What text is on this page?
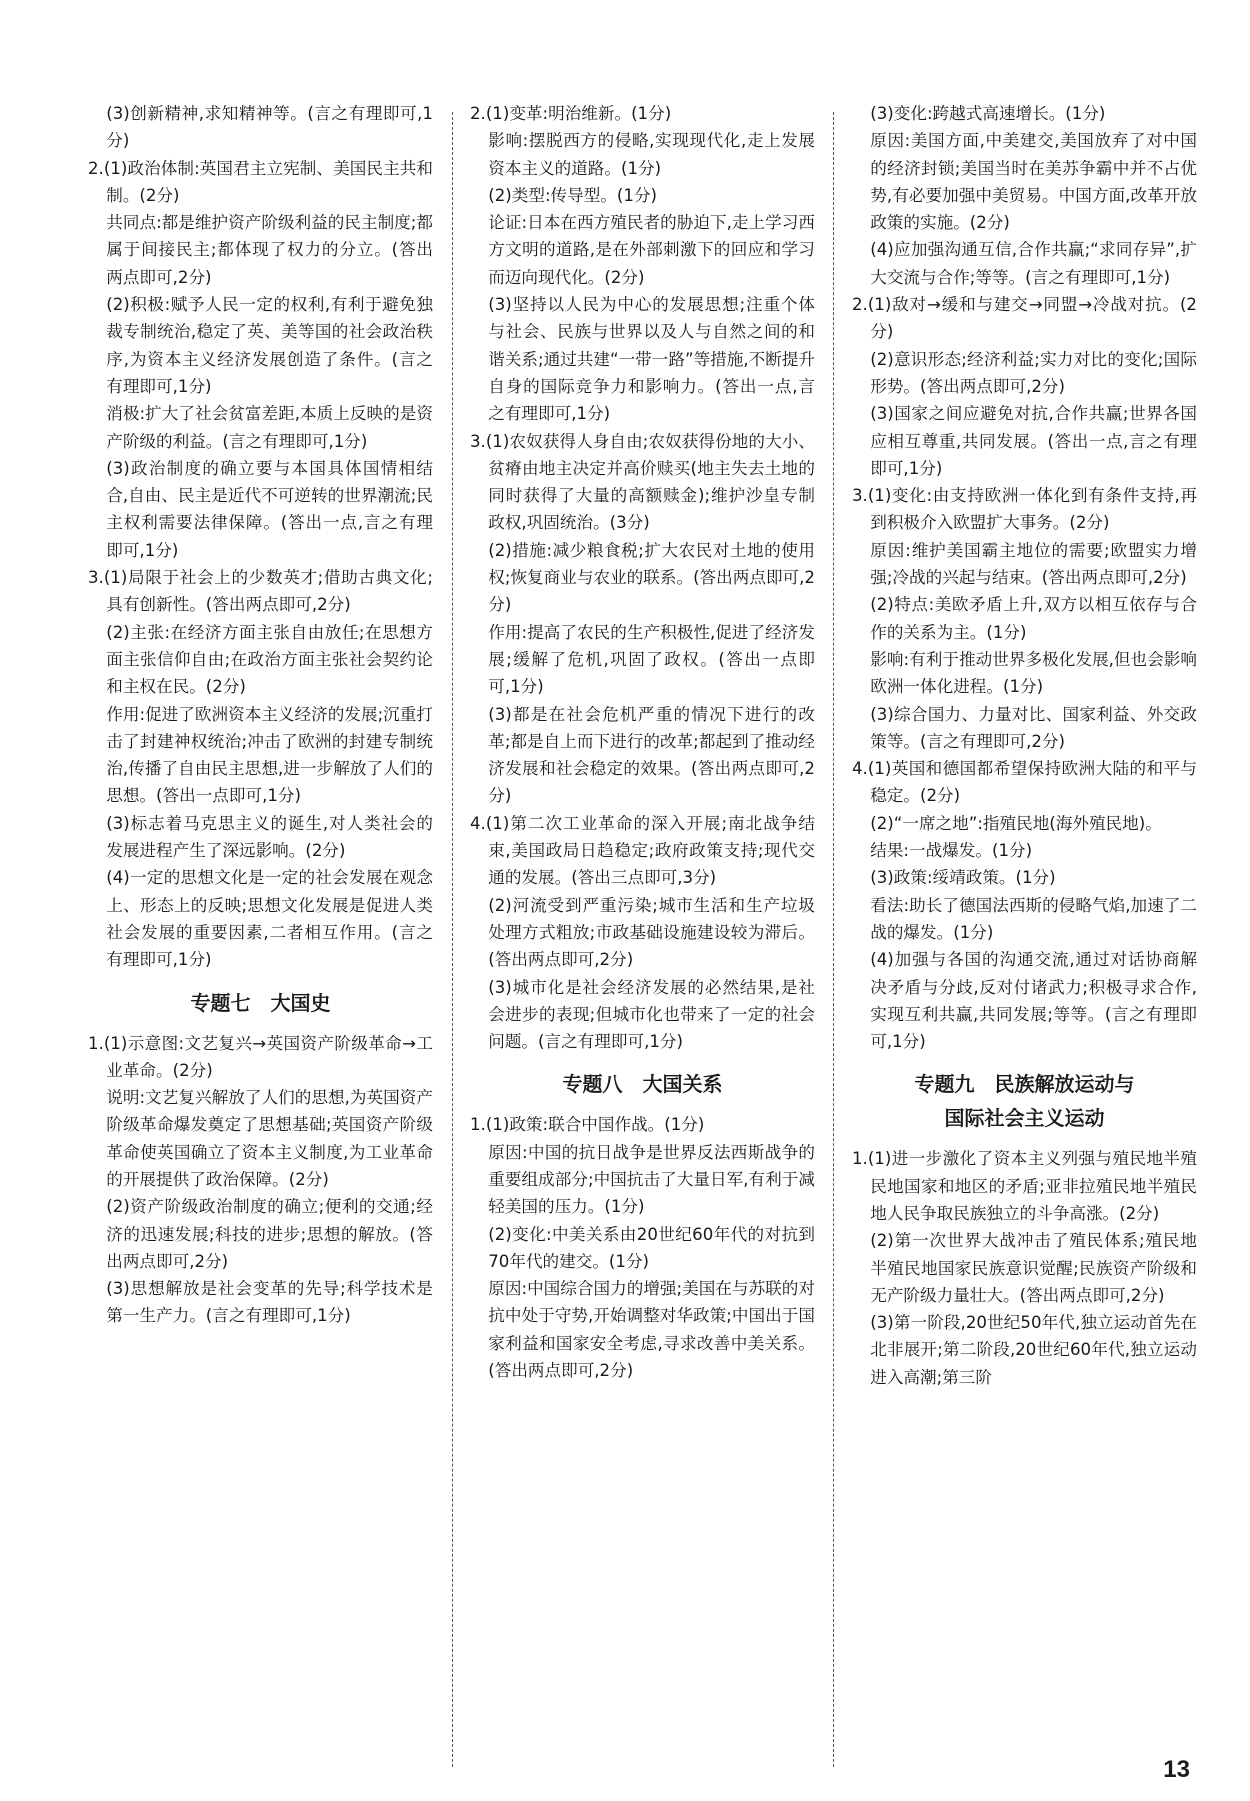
(3)创新精神,求知精神等。(言之有理即可,1分)

2.(1)政治体制:英国君主立宪制、美国民主共和制。(2分)

共同点:都是维护资产阶级利益的民主制度;都属于间接民主;都体现了权力的分立。(答出两点即可,2分)

(2)积极:赋予人民一定的权利,有利于避免独裁专制统治,稳定了英、美等国的社会政治秩序,为资本主义经济发展创造了条件。(言之有理即可,1分)

消极:扩大了社会贫富差距,本质上反映的是资产阶级的利益。(言之有理即可,1分)

(3)政治制度的确立要与本国具体国情相结合,自由、民主是近代不可逆转的世界潮流;民主权利需要法律保障。(答出一点,言之有理即可,1分)

3.(1)局限于社会上的少数英才;借助古典文化;具有创新性。(答出两点即可,2分)

(2)主张:在经济方面主张自由放任;在思想方面主张信仰自由;在政治方面主张社会契约论和主权在民。(2分)

作用:促进了欧洲资本主义经济的发展;沉重打击了封建神权统治;冲击了欧洲的封建专制统治,传播了自由民主思想,进一步解放了人们的思想。(答出一点即可,1分)

(3)标志着马克思主义的诞生,对人类社会的发展进程产生了深远影响。(2分)

(4)一定的思想文化是一定的社会发展在观念上、形态上的反映;思想文化发展是促进人类社会发展的重要因素,二者相互作用。(言之有理即可,1分)

专题七　大国史

1.(1)示意图:文艺复兴→英国资产阶级革命→工业革命。(2分)

说明:文艺复兴解放了人们的思想,为英国资产阶级革命爆发奠定了思想基础;英国资产阶级革命使英国确立了资本主义制度,为工业革命的开展提供了政治保障。(2分)

(2)资产阶级政治制度的确立;便利的交通;经济的迅速发展;科技的进步;思想的解放。(答出两点即可,2分)

(3)思想解放是社会变革的先导;科学技术是第一生产力。(言之有理即可,1分)

2.(1)变革:明治维新。(1分)

影响:摆脱西方的侵略,实现现代化,走上发展资本主义的道路。(1分)

(2)类型:传导型。(1分)

论证:日本在西方殖民者的胁迫下,走上学习西方文明的道路,是在外部刺激下的回应和学习而迈向现代化。(2分)

(3)坚持以人民为中心的发展思想;注重个体与社会、民族与世界以及人与自然之间的和谐关系;通过共建“一带一路”等措施,不断提升自身的国际竞争力和影响力。(答出一点,言之有理即可,1分)

3.(1)农奴获得人身自由;农奴获得份地的大小、贫瘠由地主决定并高价赎买(地主失去土地的同时获得了大量的高额赎金);维护沙皇专制政权,巩固统治。(3分)

(2)措施:减少粮食税;扩大农民对土地的使用权;恢复商业与农业的联系。(答出两点即可,2分)

作用:提高了农民的生产积极性,促进了经济发展;缓解了危机,巩固了政权。(答出一点即可,1分)

(3)都是在社会危机严重的情况下进行的改革;都是自上而下进行的改革;都起到了推动经济发展和社会稳定的效果。(答出两点即可,2分)

4.(1)第二次工业革命的深入开展;南北战争结束,美国政局日趋稳定;政府政策支持;现代交通的发展。(答出三点即可,3分)

(2)河流受到严重污染;城市生活和生产垃圾处理方式粗放;市政基础设施建设较为滞后。(答出两点即可,2分)

(3)城市化是社会经济发展的必然结果,是社会进步的表现;但城市化也带来了一定的社会问题。(言之有理即可,1分)

专题八　大国关系

1.(1)政策:联合中国作战。(1分)

原因:中国的抗日战争是世界反法西斯战争的重要组成部分;中国抗击了大量日军,有利于减轻美国的压力。(1分)

(2)变化:中美关系由20世纪60年代的对抗到70年代的建交。(1分)

原因:中国综合国力的增强;美国在与苏联的对抗中处于守势,开始调整对华政策;中国出于国家利益和国家安全考虑,寻求改善中美关系。(答出两点即可,2分)

(3)变化:跨越式高速增长。(1分)

原因:美国方面,中美建交,美国放弃了对中国的经济封锁;美国当时在美苏争霸中并不占优势,有必要加强中美贸易。中国方面,改革开放政策的实施。(2分)

(4)应加强沟通互信,合作共赢;“求同存异”,扩大交流与合作;等等。(言之有理即可,1分)

2.(1)敌对→缓和与建交→同盟→冷战对抗。(2分)

(2)意识形态;经济利益;实力对比的变化;国际形势。(答出两点即可,2分)

(3)国家之间应避免对抗,合作共赢;世界各国应相互尊重,共同发展。(答出一点,言之有理即可,1分)

3.(1)变化:由支持欧洲一体化到有条件支持,再到积极介入欧盟扩大事务。(2分)

原因:维护美国霸主地位的需要;欧盟实力增强;冷战的兴起与结束。(答出两点即可,2分)

(2)特点:美欧矛盾上升,双方以相互依存与合作的关系为主。(1分)

影响:有利于推动世界多极化发展,但也会影响欧洲一体化进程。(1分)

(3)综合国力、力量对比、国家利益、外交政策等。(言之有理即可,2分)

4.(1)英国和德国都希望保持欧洲大陆的和平与稳定。(2分)

(2)“一席之地”:指殖民地(海外殖民地)。

结果:一战爆发。(1分)

(3)政策:绥靖政策。(1分)

看法:助长了德国法西斯的侵略气焰,加速了二战的爆发。(1分)

(4)加强与各国的沟通交流,通过对话协商解决矛盾与分歧,反对付诸武力;积极寻求合作,实现互利共赢,共同发展;等等。(言之有理即可,1分)

专题九　民族解放运动与
国际社会主义运动

1.(1)进一步激化了资本主义列强与殖民地半殖民地国家和地区的矛盾;亚非拉殖民地半殖民地人民争取民族独立的斗争高涨。(2分)

(2)第一次世界大战冲击了殖民体系;殖民地半殖民地国家民族意识觉醒;民族资产阶级和无产阶级力量壮大。(答出两点即可,2分)

(3)第一阶段,20世纪50年代,独立运动首先在北非展开;第二阶段,20世纪60年代,独立运动进入高潮;第三阶

13
